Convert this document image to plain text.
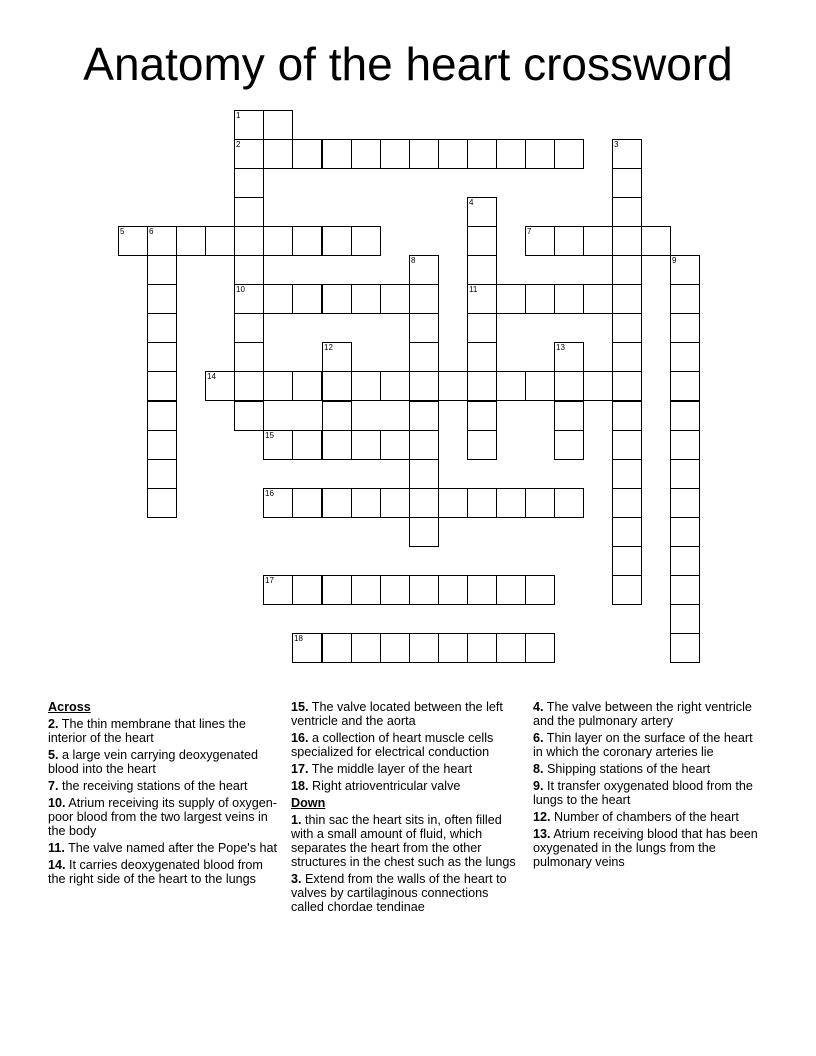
Anatomy of the heart crossword
1
2	3
4
5	6	7
8	9
10	11
12	13
14
15
16
17
18
Across
2. The thin membrane that lines the interior of the heart
5. a large vein carrying deoxygenated blood into the heart
7. the receiving stations of the heart
10. Atrium receiving its supply of oxygen-poor blood from the two largest veins in the body
11. The valve named after the Pope's hat
14. It carries deoxygenated blood from the right side of the heart to the lungs
15. The valve located between the left ventricle and the aorta
16. a collection of heart muscle cells specialized for electrical conduction
17. The middle layer of the heart
18. Right atrioventricular valve
Down
1. thin sac the heart sits in, often filled with a small amount of fluid, which separates the heart from the other structures in the chest such as the lungs
3. Extend from the walls of the heart to valves by cartilaginous connections called chordae tendinae
4. The valve between the right ventricle and the pulmonary artery
6. Thin layer on the surface of the heart in which the coronary arteries lie
8. Shipping stations of the heart
9. It transfer oxygenated blood from the lungs to the heart
12. Number of chambers of the heart
13. Atrium receiving blood that has been oxygenated in the lungs from the pulmonary veins
